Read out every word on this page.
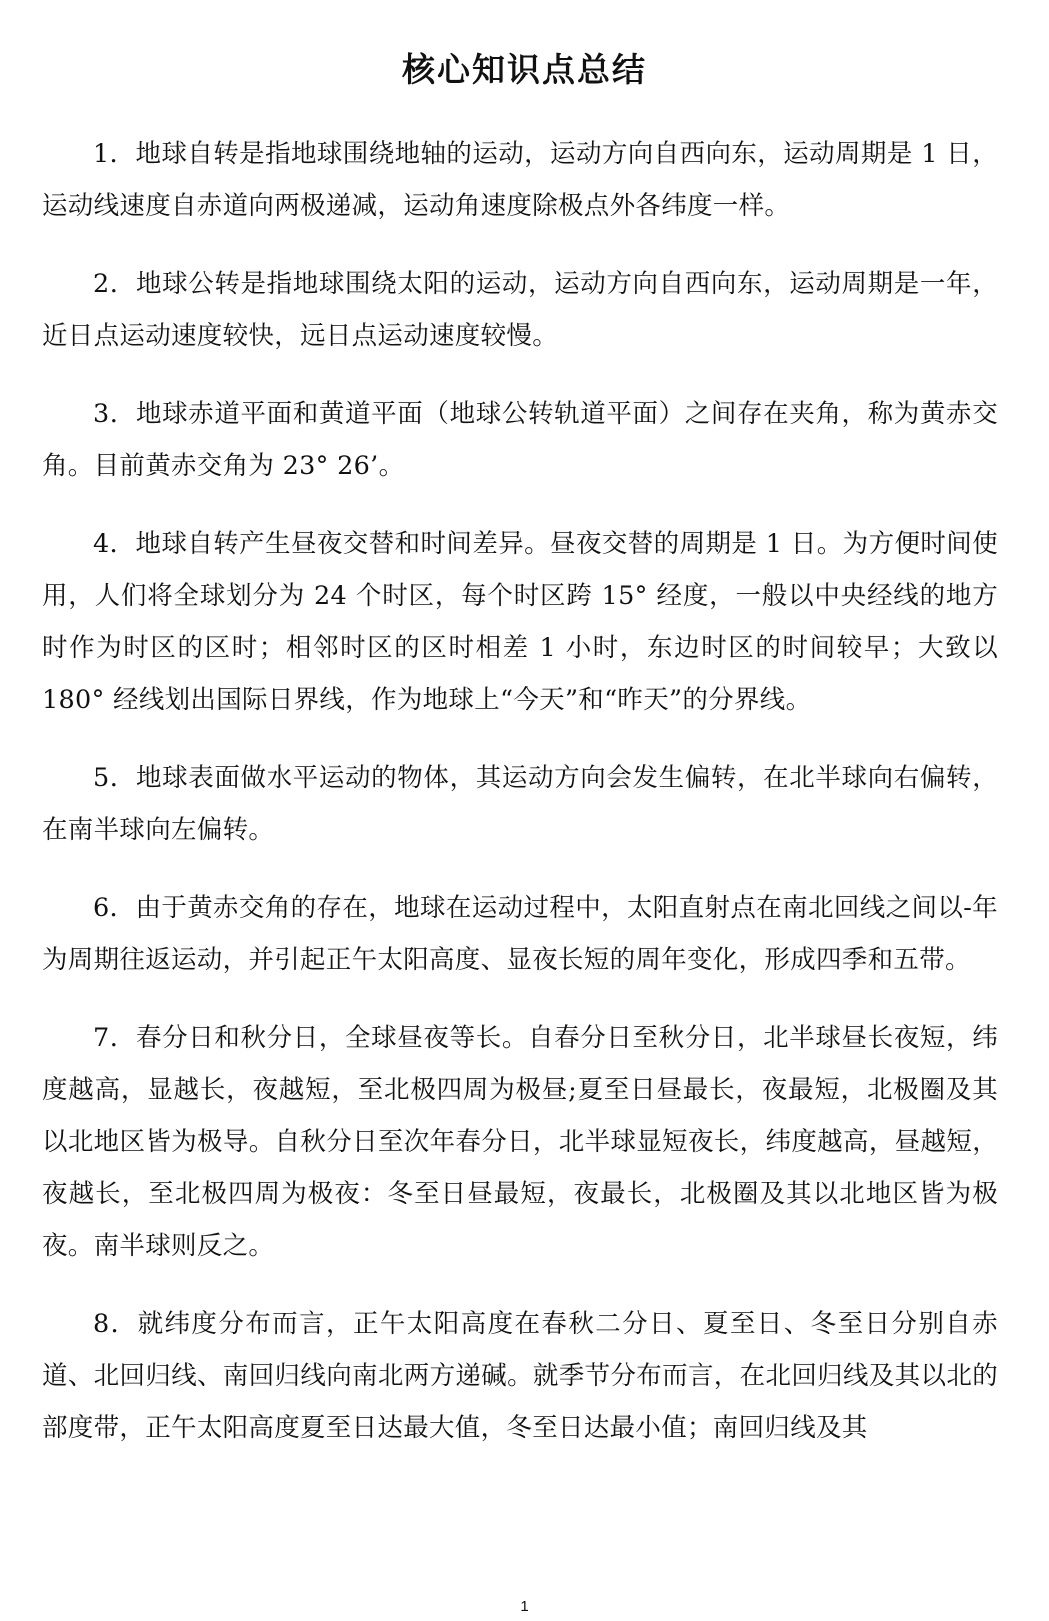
核心知识点总结

1．地球自转是指地球围绕地轴的运动，运动方向自西向东，运动周期是 1 日，运动线速度自赤道向两极递减，运动角速度除极点外各纬度一样。

2．地球公转是指地球围绕太阳的运动，运动方向自西向东，运动周期是一年，近日点运动速度较快，远日点运动速度较慢。

3．地球赤道平面和黄道平面（地球公转轨道平面）之间存在夹角，称为黄赤交角。目前黄赤交角为 23° 26’。

4．地球自转产生昼夜交替和时间差异。昼夜交替的周期是 1 日。为方便时间使用，人们将全球划分为 24 个时区，每个时区跨 15° 经度，一般以中央经线的地方时作为时区的区时；相邻时区的区时相差 1 小时，东边时区的时间较早；大致以 180° 经线划出国际日界线，作为地球上“今天”和“昨天”的分界线。

5．地球表面做水平运动的物体，其运动方向会发生偏转，在北半球向右偏转，在南半球向左偏转。

6．由于黄赤交角的存在，地球在运动过程中，太阳直射点在南北回线之间以-年为周期往返运动，并引起正午太阳高度、显夜长短的周年变化，形成四季和五带。

7．春分日和秋分日，全球昼夜等长。自春分日至秋分日，北半球昼长夜短，纬度越高，显越长，夜越短，至北极四周为极昼;夏至日昼最长，夜最短，北极圈及其以北地区皆为极导。自秋分日至次年春分日，北半球显短夜长，纬度越高，昼越短，夜越长，至北极四周为极夜：冬至日昼最短，夜最长，北极圈及其以北地区皆为极夜。南半球则反之。

8．就纬度分布而言，正午太阳高度在春秋二分日、夏至日、冬至日分别自赤道、北回归线、南回归线向南北两方递碱。就季节分布而言，在北回归线及其以北的部度带，正午太阳高度夏至日达最大值，冬至日达最小值；南回归线及其

1
